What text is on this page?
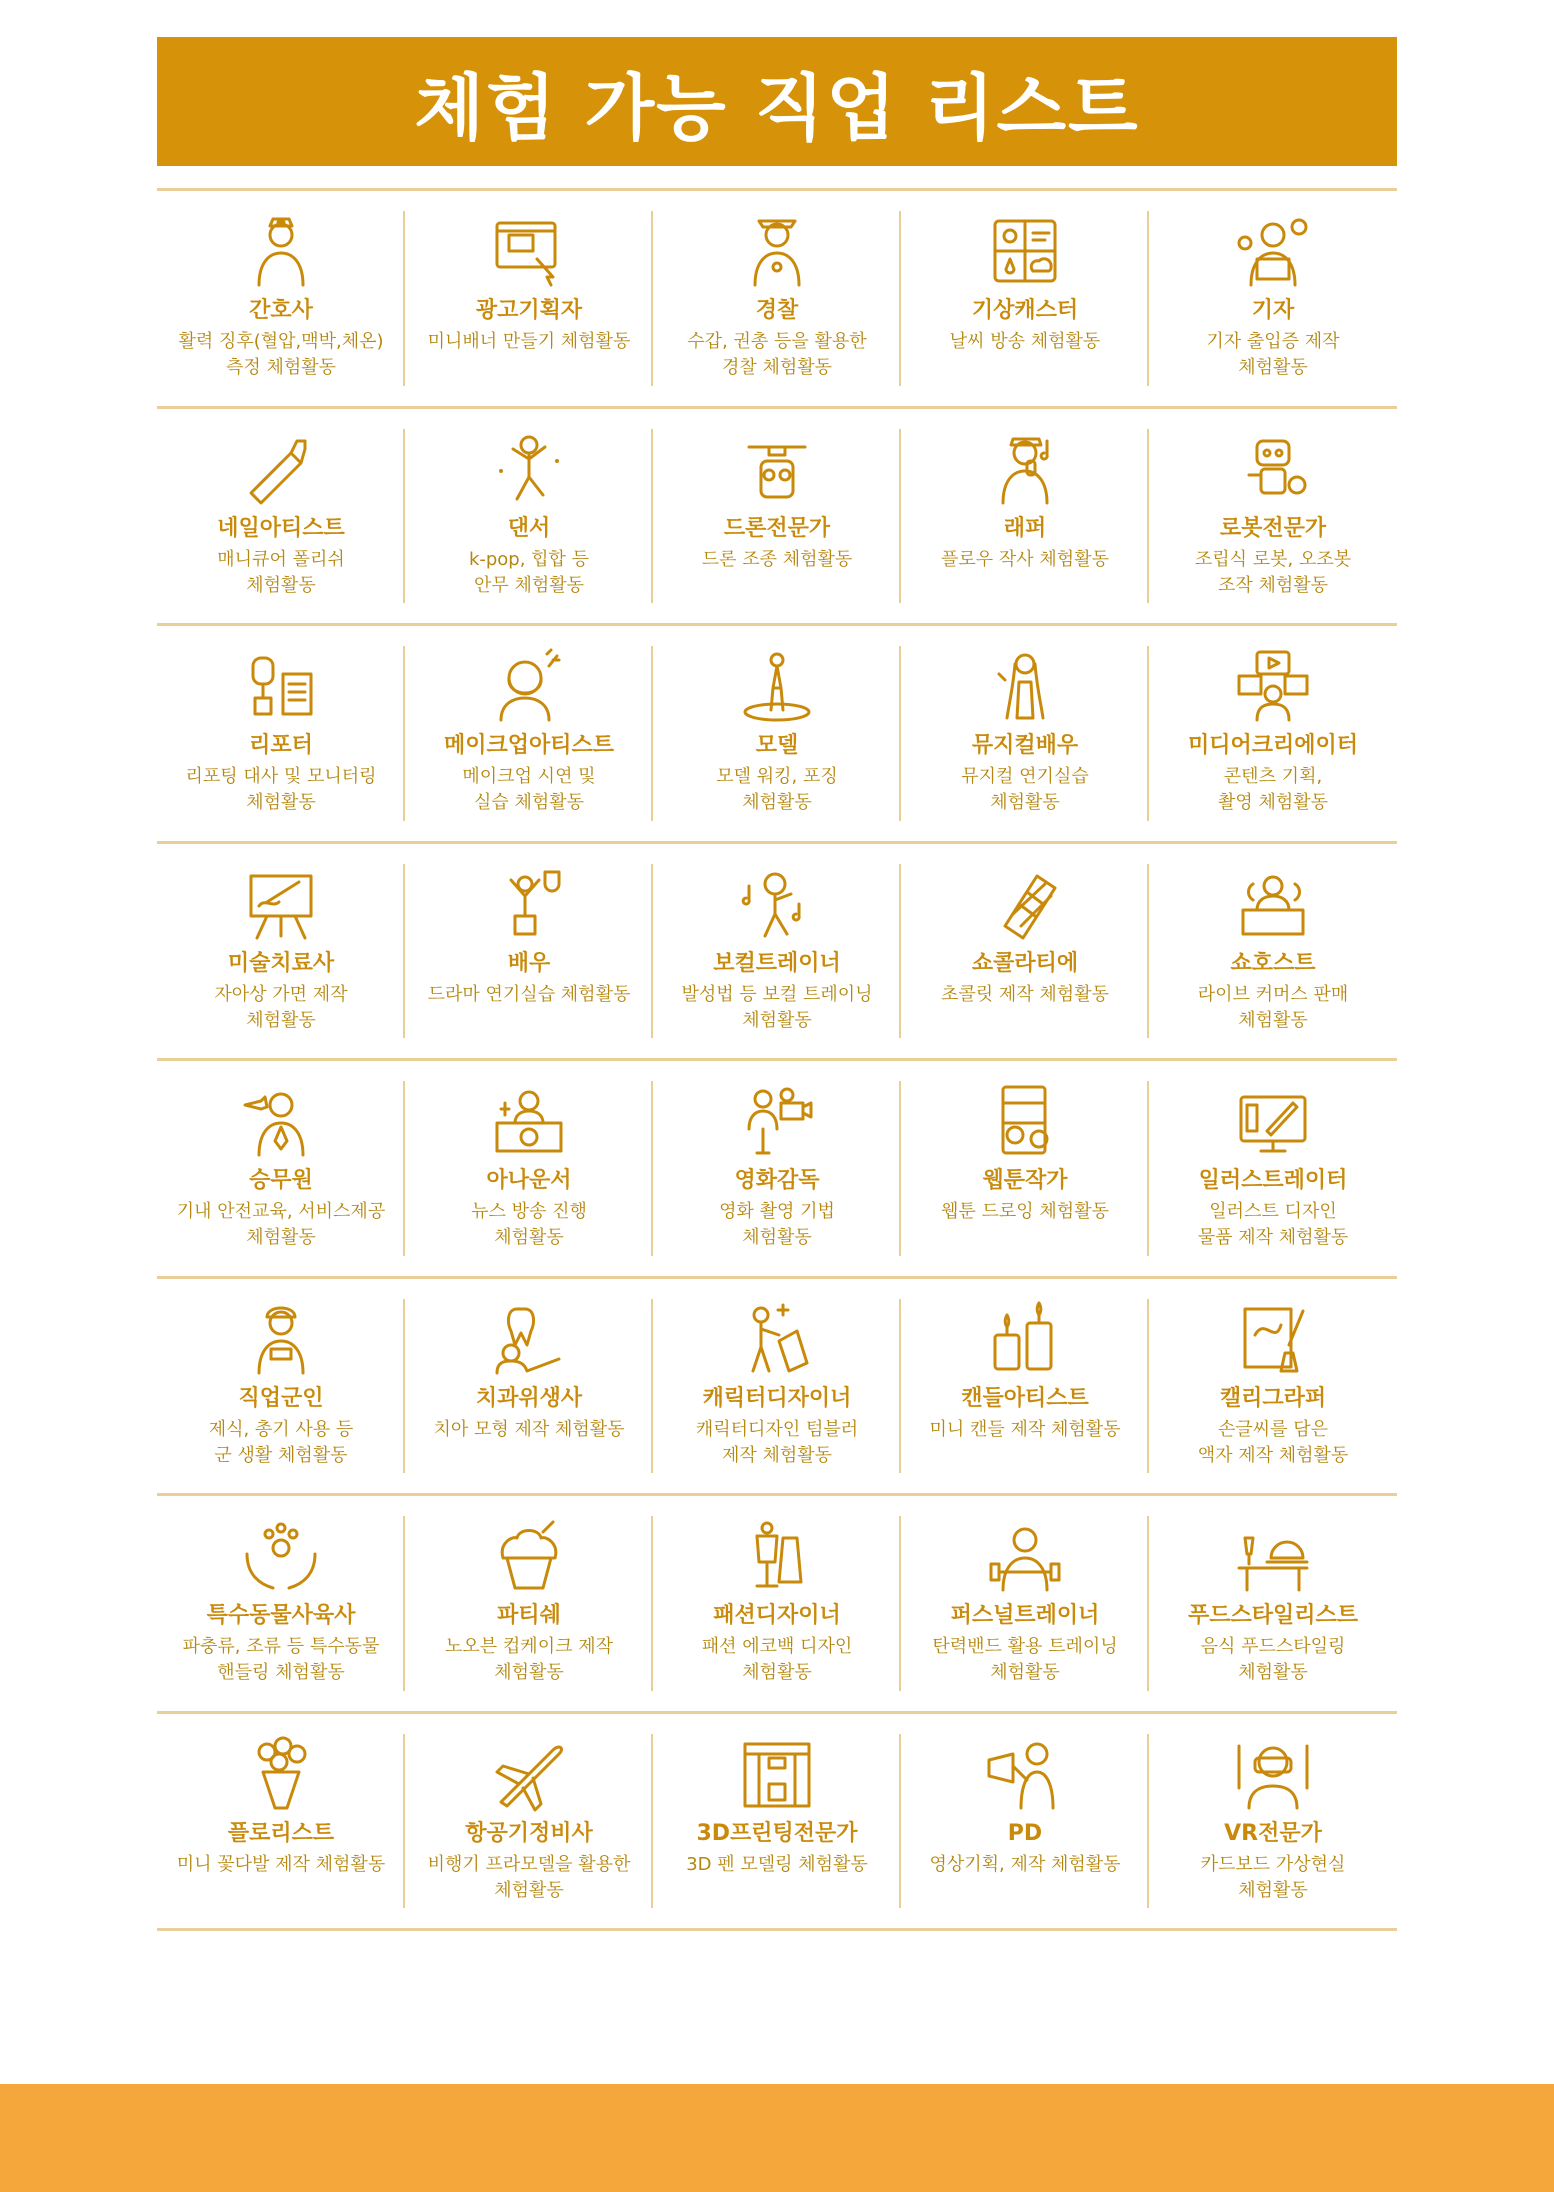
체험 가능 직업 리스트
간호사
활력 징후(혈압,맥박,체온)
측정 체험활동
광고기획자
미니배너 만들기 체험활동
경찰
수갑, 권총 등을 활용한
경찰 체험활동
기상캐스터
날씨 방송 체험활동
기자
기자 출입증 제작
체험활동
네일아티스트
매니큐어 폴리쉬
체험활동
댄서
k-pop, 힙합 등
안무 체험활동
드론전문가
드론 조종 체험활동
래퍼
플로우 작사 체험활동
로봇전문가
조립식 로봇, 오조봇
조작 체험활동
리포터
리포팅 대사 및 모니터링
체험활동
메이크업아티스트
메이크업 시연 및
실습 체험활동
모델
모델 워킹, 포징
체험활동
뮤지컬배우
뮤지컬 연기실습
체험활동
미디어크리에이터
콘텐츠 기획,
촬영 체험활동
미술치료사
자아상 가면 제작
체험활동
배우
드라마 연기실습 체험활동
보컬트레이너
발성법 등 보컬 트레이닝
체험활동
쇼콜라티에
초콜릿 제작 체험활동
쇼호스트
라이브 커머스 판매
체험활동
승무원
기내 안전교육, 서비스제공
체험활동
아나운서
뉴스 방송 진행
체험활동
영화감독
영화 촬영 기법
체험활동
웹툰작가
웹툰 드로잉 체험활동
일러스트레이터
일러스트 디자인
물품 제작 체험활동
직업군인
제식, 총기 사용 등
군 생활 체험활동
치과위생사
치아 모형 제작 체험활동
캐릭터디자이너
캐릭터디자인 텀블러
제작 체험활동
캔들아티스트
미니 캔들 제작 체험활동
캘리그라퍼
손글씨를 담은
액자 제작 체험활동
특수동물사육사
파충류, 조류 등 특수동물
핸들링 체험활동
파티쉐
노오븐 컵케이크 제작
체험활동
패션디자이너
패션 에코백 디자인
체험활동
퍼스널트레이너
탄력밴드 활용 트레이닝
체험활동
푸드스타일리스트
음식 푸드스타일링
체험활동
플로리스트
미니 꽃다발 제작 체험활동
항공기정비사
비행기 프라모델을 활용한
체험활동
3D프린팅전문가
3D 펜 모델링 체험활동
PD
영상기획, 제작 체험활동
VR전문가
카드보드 가상현실
체험활동
